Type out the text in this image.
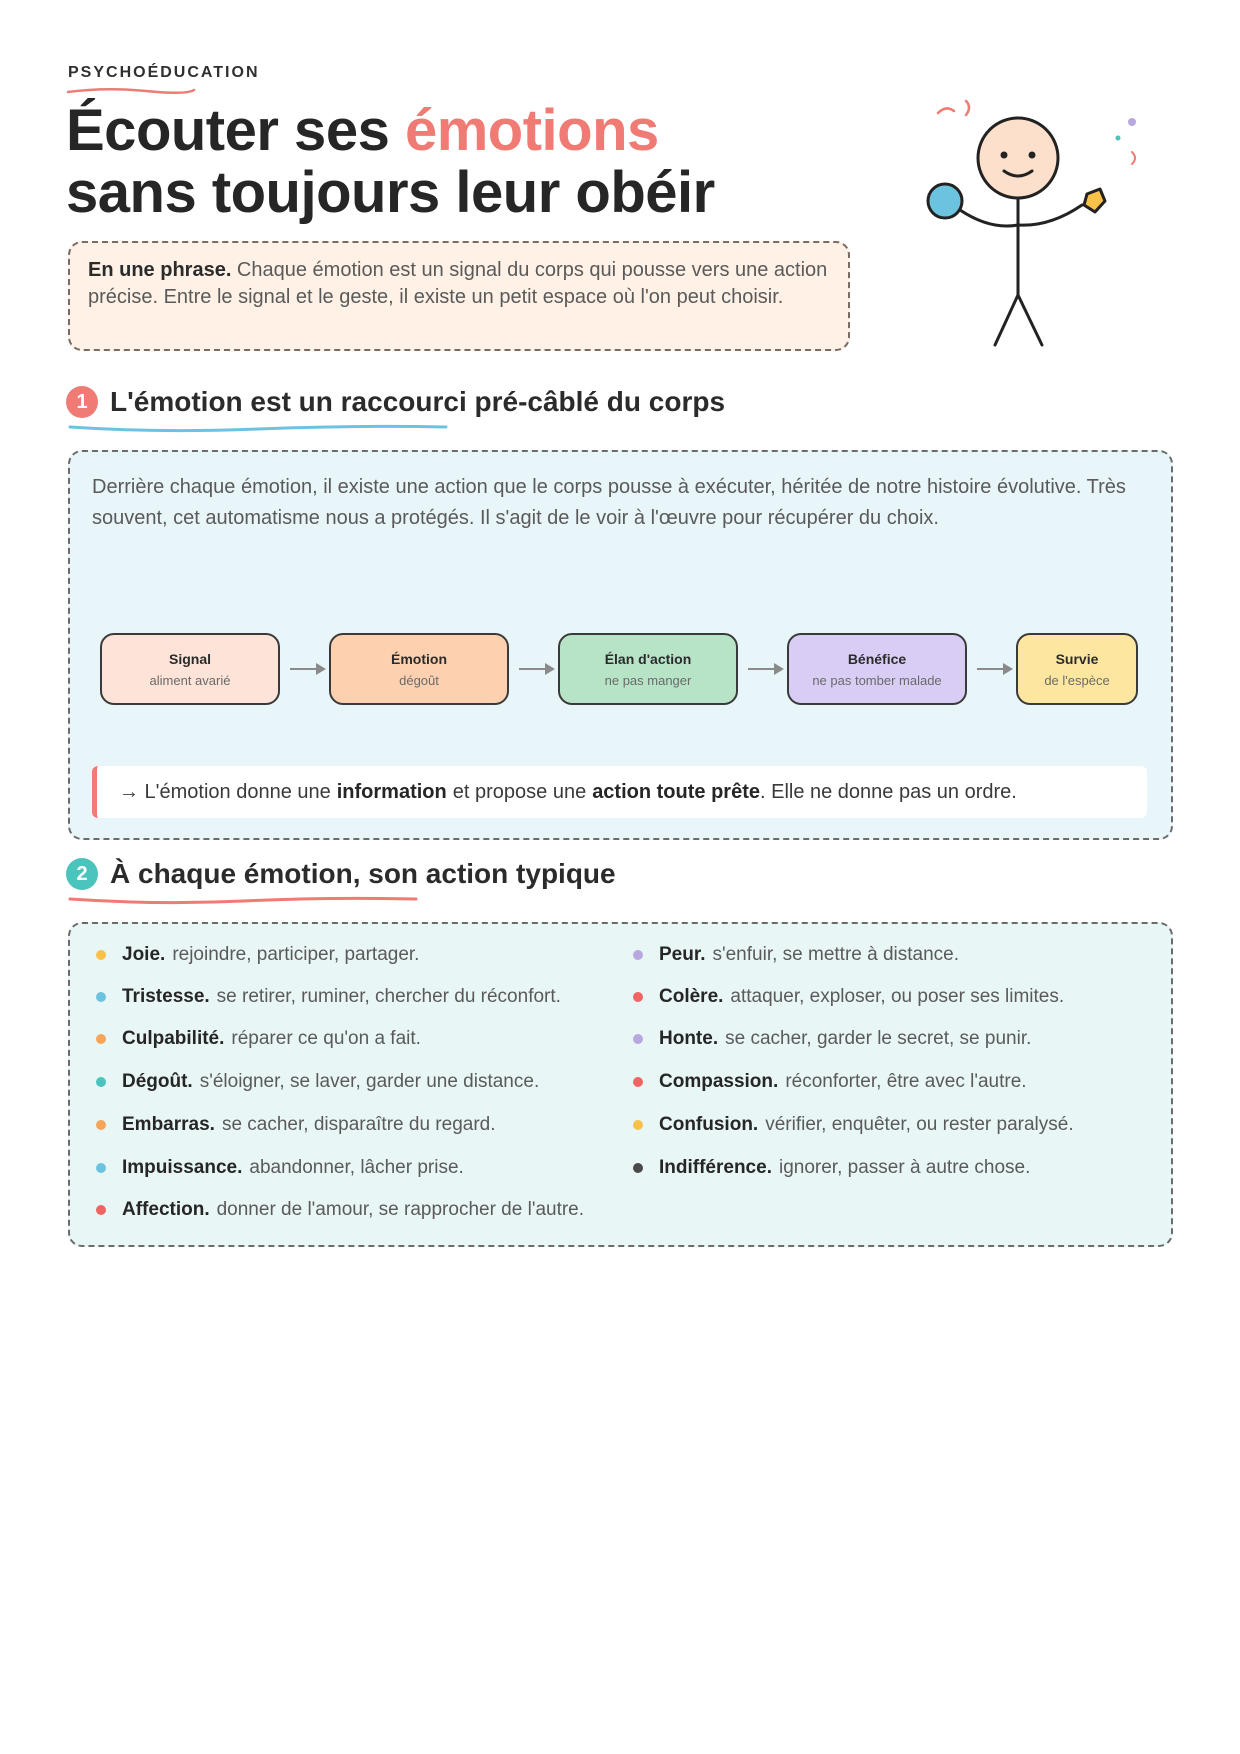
PSYCHOÉDUCATION
Écouter ses émotions
sans toujours leur obéir
En une phrase. Chaque émotion est un signal du corps qui pousse vers une action précise. Entre le signal et le geste, il existe un petit espace où l'on peut choisir.
1 L'émotion est un raccourci pré-câblé du corps
Derrière chaque émotion, il existe une action que le corps pousse à exécuter, héritée de notre histoire évolutive. Très souvent, cet automatisme nous a protégés. Il s'agit de le voir à l'œuvre pour récupérer du choix.
Signal
aliment avarié
Émotion
dégoût
Élan d'action
ne pas manger
Bénéfice
ne pas tomber malade
Survie
de l'espèce
→ L'émotion donne une information et propose une action toute prête . Elle ne donne pas un ordre.
2 À chaque émotion, son action typique
Joie. rejoindre, participer, partager.
Tristesse. se retirer, ruminer, chercher du réconfort.
Culpabilité. réparer ce qu'on a fait.
Dégoût. s'éloigner, se laver, garder une distance.
Embarras. se cacher, disparaître du regard.
Impuissance. abandonner, lâcher prise.
Affection. donner de l'amour, se rapprocher de l'autre.
Peur. s'enfuir, se mettre à distance.
Colère. attaquer, exploser, ou poser ses limites.
Honte. se cacher, garder le secret, se punir.
Compassion. réconforter, être avec l'autre.
Confusion. vérifier, enquêter, ou rester paralysé.
Indifférence. ignorer, passer à autre chose.
